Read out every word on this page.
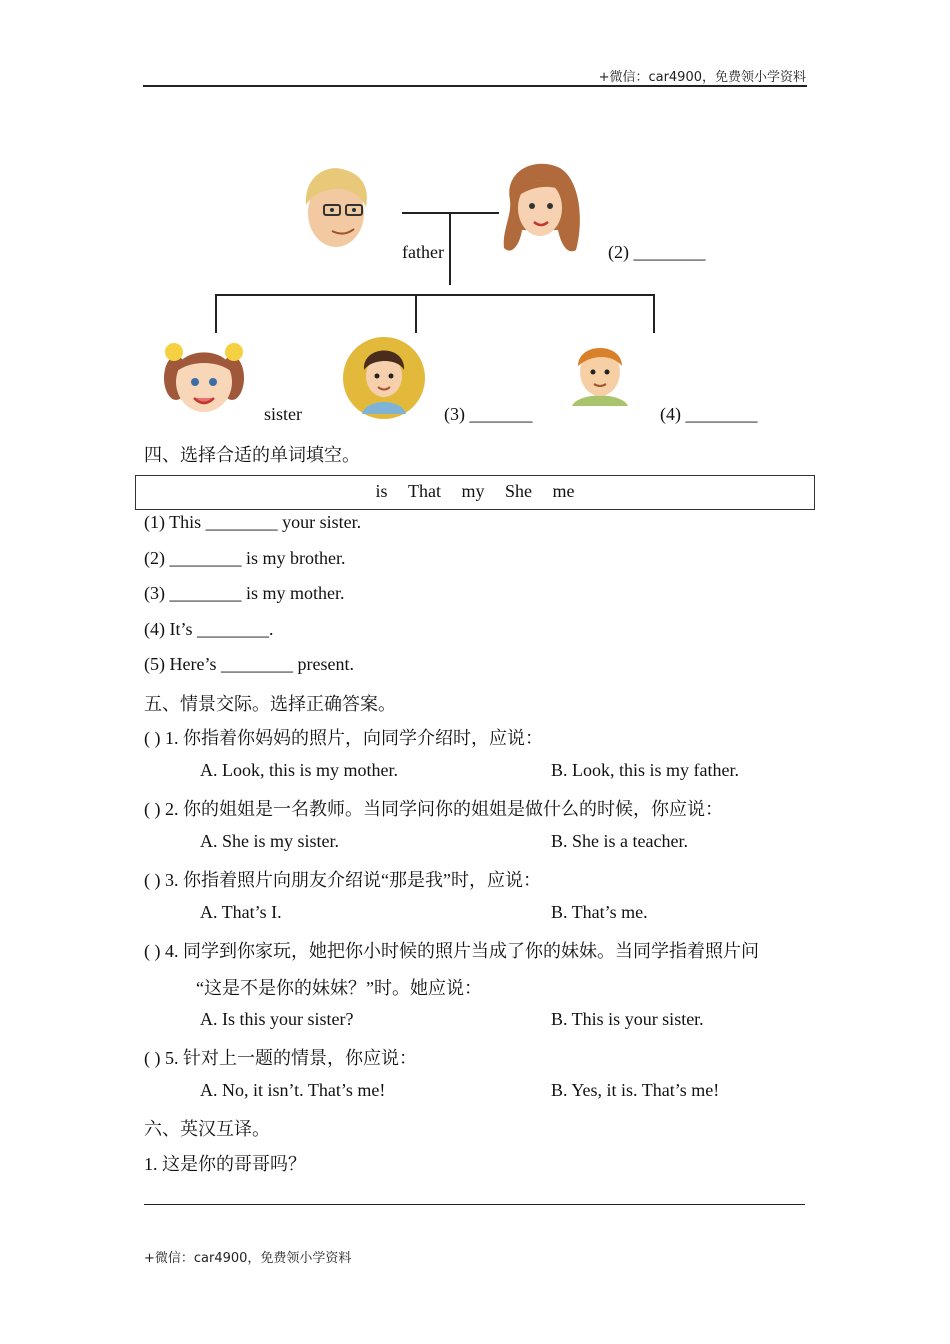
+微信：car4900，免费领小学资料
father	(2) ________
sister	(3) _______	(4) ________
四、选择合适的单词填空。
is That my She me
(1) This ________ your sister.
(2) ________ is my brother.
(3) ________ is my mother.
(4) It’s ________.
(5) Here’s ________ present.
五、情景交际。选择正确答案。
( ) 1. 你指着你妈妈的照片，向同学介绍时，应说：
A. Look, this is my mother.	B. Look, this is my father.
( ) 2. 你的姐姐是一名教师。当同学问你的姐姐是做什么的时候，你应说：
A. She is my sister.	B. She is a teacher.
( ) 3. 你指着照片向朋友介绍说“那是我”时，应说：
A. That’s I.	B. That’s me.
( ) 4. 同学到你家玩，她把你小时候的照片当成了你的妹妹。当同学指着照片问
“这是不是你的妹妹？”时。她应说：
A. Is this your sister?	B. This is your sister.
( ) 5. 针对上一题的情景，你应说：
A. No, it isn’t. That’s me!	B. Yes, it is. That’s me!
六、英汉互译。
1. 这是你的哥哥吗？
+微信：car4900，免费领小学资料
